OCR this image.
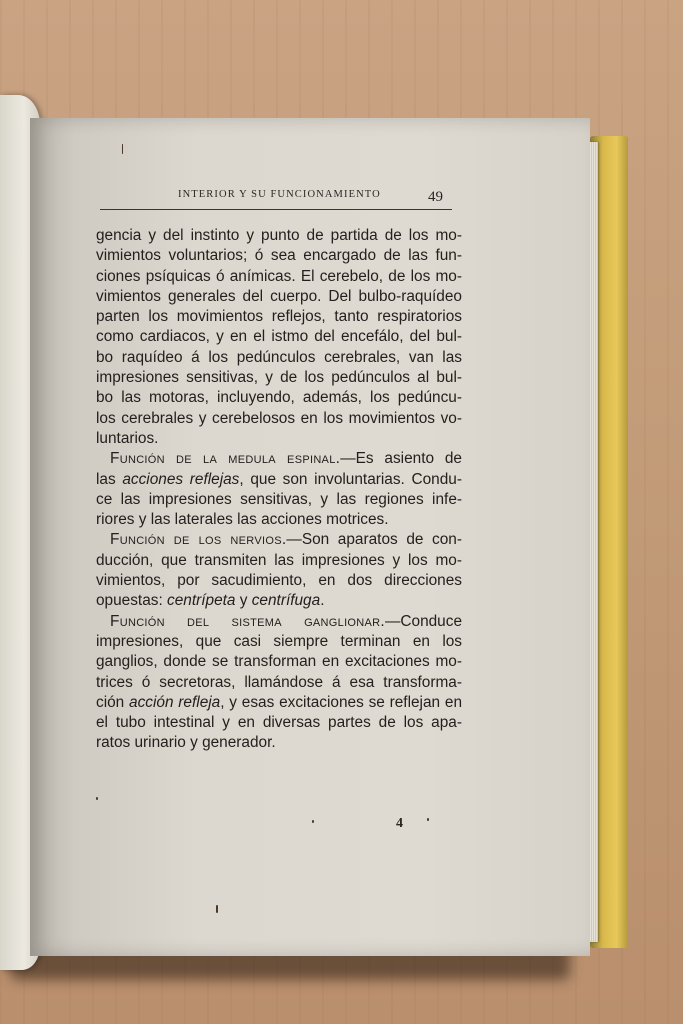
INTERIOR Y SU FUNCIONAMIENTO	49
gencia y del instinto y punto de partida de los mo-
vimientos voluntarios; ó sea encargado de las fun-
ciones psíquicas ó anímicas. El cerebelo, de los mo-
vimientos generales del cuerpo. Del bulbo-raquídeo
parten los movimientos reflejos, tanto respiratorios
como cardiacos, y en el istmo del encefálo, del bul-
bo raquídeo á los pedúnculos cerebrales, van las
impresiones sensitivas, y de los pedúnculos al bul-
bo las motoras, incluyendo, además, los pedúncu-
los cerebrales y cerebelosos en los movimientos vo-
luntarios.
Función de la medula espinal.—Es asiento de
las acciones reflejas, que son involuntarias. Condu-
ce las impresiones sensitivas, y las regiones infe-
riores y las laterales las acciones motrices.
Función de los nervios.—Son aparatos de con-
ducción, que transmiten las impresiones y los mo-
vimientos, por sacudimiento, en dos direcciones
opuestas: centrípeta y centrífuga.
Función del sistema ganglionar.—Conduce
impresiones, que casi siempre terminan en los
ganglios, donde se transforman en excitaciones mo-
trices ó secretoras, llamándose á esa transforma-
ción acción refleja, y esas excitaciones se reflejan en
el tubo intestinal y en diversas partes de los apa-
ratos urinario y generador.
4
